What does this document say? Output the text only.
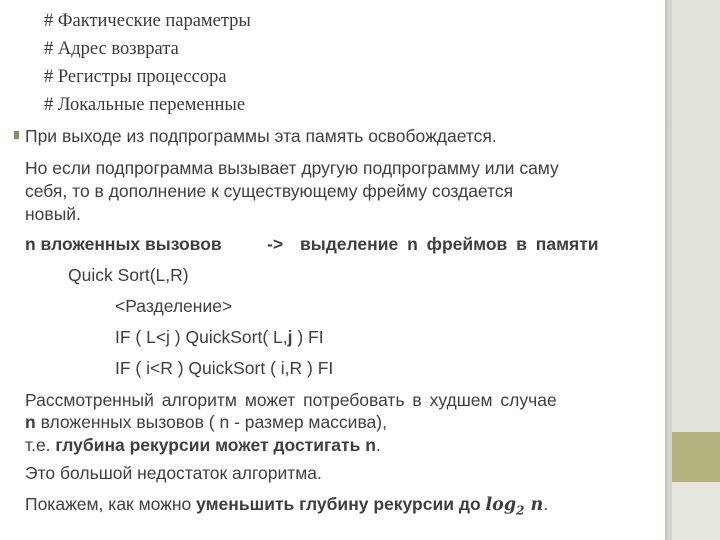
# Фактические параметры
# Адрес возврата
# Регистры процессора
# Локальные переменные
При выходе из подпрограммы эта память освобождается.
Но если подпрограмма вызывает другую подпрограмму или саму
себя, то в дополнение к существующему фрейму создается
новый.
n вложенных вызовов	-> выделение n фреймов в памяти
Quick Sort(L,R)
<Разделение>
IF ( L<j ) QuickSort( L,j ) FI
IF ( i<R ) QuickSort ( i,R ) FI
Рассмотренный алгоритм может потребовать в худшем случае
n вложенных вызовов ( n - размер массива),
т.е. глубина рекурсии может достигать n.
Это большой недостаток алгоритма.
Покажем, как можно уменьшить глубину рекурсии до $\log_2 n$.
